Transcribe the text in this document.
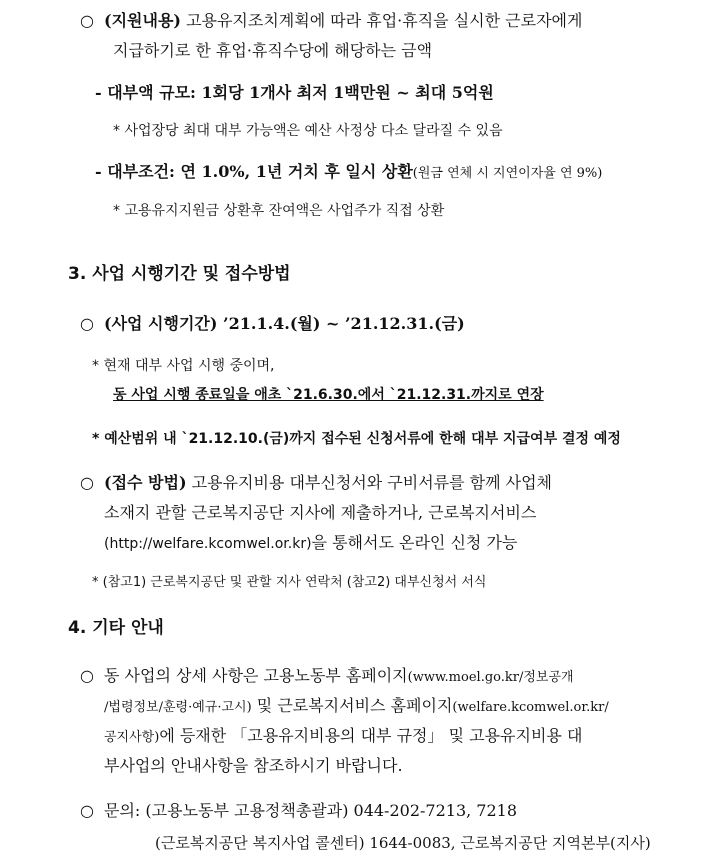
○ (지원내용) 고용유지조치계획에 따라 휴업·휴직을 실시한 근로자에게
지급하기로 한 휴업·휴직수당에 해당하는 금액
- 대부액 규모: 1회당 1개사 최저 1백만원 ~ 최대 5억원
* 사업장당 최대 대부 가능액은 예산 사정상 다소 달라질 수 있음
- 대부조건: 연 1.0%, 1년 거치 후 일시 상환(원금 연체 시 지연이자율 연 9%)
* 고용유지지원금 상환후 잔여액은 사업주가 직접 상환
3. 사업 시행기간 및 접수방법
○ (사업 시행기간) ’21.1.4.(월) ~ ’21.12.31.(금)
* 현재 대부 사업 시행 중이며,
동 사업 시행 종료일을 애초 `21.6.30.에서 `21.12.31.까지로 연장
* 예산범위 내 `21.12.10.(금)까지 접수된 신청서류에 한해 대부 지급여부 결정 예정
○ (접수 방법) 고용유지비용 대부신청서와 구비서류를 함께 사업체
소재지 관할 근로복지공단 지사에 제출하거나, 근로복지서비스
(http://welfare.kcomwel.or.kr)을 통해서도 온라인 신청 가능
* (참고1) 근로복지공단 및 관할 지사 연락처 (참고2) 대부신청서 서식
4. 기타 안내
○ 동 사업의 상세 사항은 고용노동부 홈페이지(www.moel.go.kr/정보공개
/법령정보/훈령·예규·고시) 및 근로복지서비스 홈페이지(welfare.kcomwel.or.kr/
공지사항)에 등재한 「고용유지비용의 대부 규정」 및 고용유지비용 대
부사업의 안내사항을 참조하시기 바랍니다.
○ 문의: (고용노동부 고용정책총괄과) 044-202-7213, 7218
(근로복지공단 복지사업 콜센터) 1644-0083, 근로복지공단 지역본부(지사)
